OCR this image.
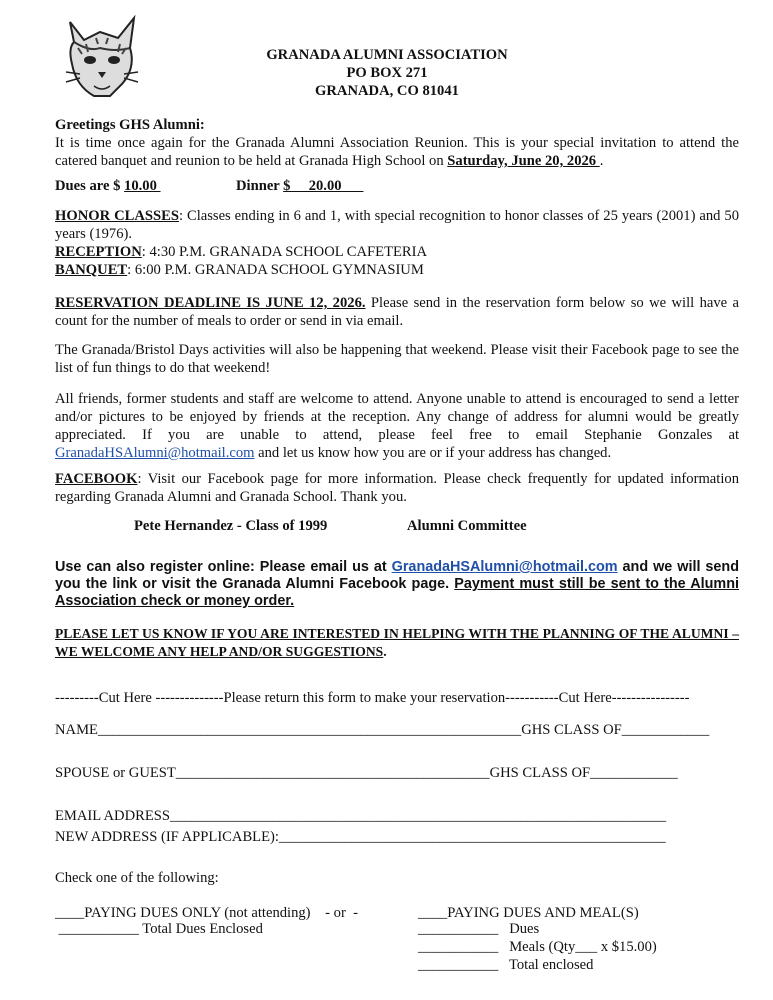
GRANADA ALUMNI ASSOCIATION
PO BOX 271
GRANADA, CO 81041
Greetings GHS Alumni:
It is time once again for the Granada Alumni Association Reunion. This is your special invitation to attend the catered banquet and reunion to be held at Granada High School on Saturday, June 20, 2026 .
Dues are $ 10.00	Dinner $     20.00
HONOR CLASSES: Classes ending in 6 and 1, with special recognition to honor classes of 25 years (2001) and 50 years (1976).
RECEPTION: 4:30 P.M. GRANADA SCHOOL CAFETERIA
BANQUET: 6:00 P.M. GRANADA SCHOOL GYMNASIUM
RESERVATION DEADLINE IS JUNE 12, 2026. Please send in the reservation form below so we will have a count for the number of meals to order or send in via email.
The Granada/Bristol Days activities will also be happening that weekend. Please visit their Facebook page to see the list of fun things to do that weekend!
All friends, former students and staff are welcome to attend. Anyone unable to attend is encouraged to send a letter and/or pictures to be enjoyed by friends at the reception. Any change of address for alumni would be greatly appreciated. If you are unable to attend, please feel free to email Stephanie Gonzales at GranadaHSAlumni@hotmail.com and let us know how you are or if your address has changed.
FACEBOOK: Visit our Facebook page for more information. Please check frequently for updated information regarding Granada Alumni and Granada School. Thank you.
Pete Hernandez - Class of 1999	Alumni Committee
Use can also register online: Please email us at GranadaHSAlumni@hotmail.com and we will send you the link or visit the Granada Alumni Facebook page. Payment must still be sent to the Alumni Association check or money order.
PLEASE LET US KNOW IF YOU ARE INTERESTED IN HELPING WITH THE PLANNING OF THE ALUMNI – WE WELCOME ANY HELP AND/OR SUGGESTIONS.
---------Cut Here --------------Please return this form to make your reservation-----------Cut Here----------------
NAME__________________________________________________________GHS CLASS OF____________
SPOUSE or GUEST___________________________________________GHS CLASS OF____________
EMAIL ADDRESS____________________________________________________________________
NEW ADDRESS (IF APPLICABLE):_____________________________________________________
Check one of the following:
____PAYING DUES ONLY (not attending)    - or  -
___________ Total Dues Enclosed
____PAYING DUES AND MEAL(S)
___________   Dues
___________   Meals (Qty___ x $15.00)
___________   Total enclosed
